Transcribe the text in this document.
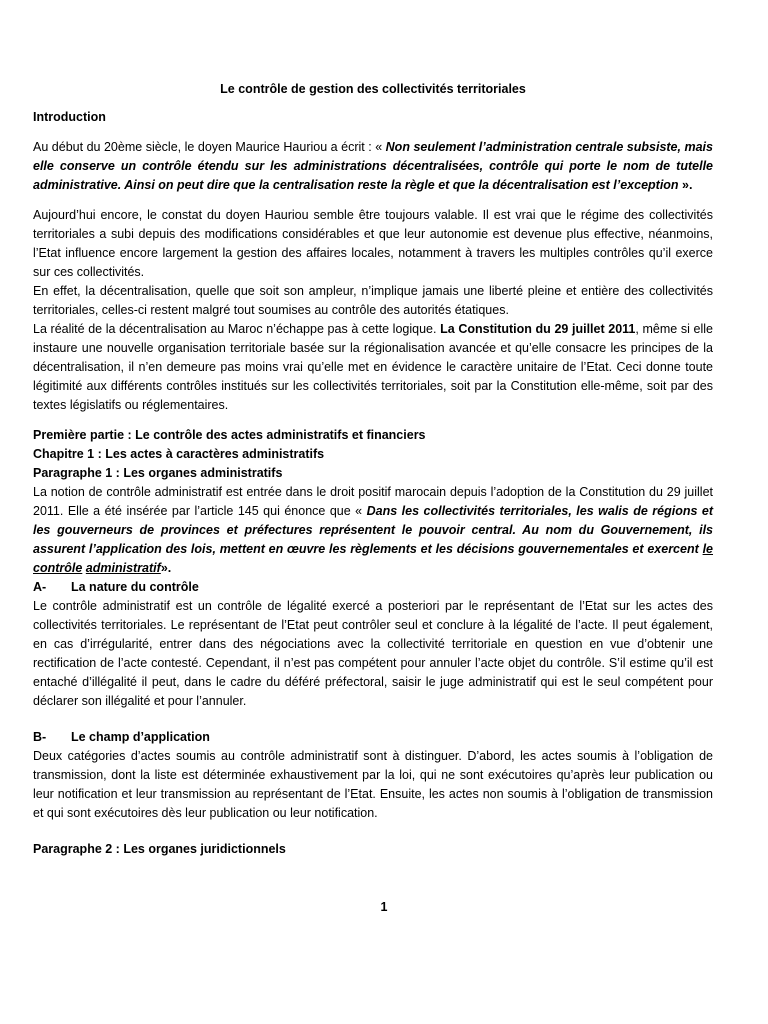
Le contrôle de gestion des collectivités territoriales
Introduction

Au début du 20ème siècle, le doyen Maurice Hauriou a écrit : « Non seulement l’administration centrale subsiste, mais elle conserve un contrôle étendu sur les administrations décentralisées, contrôle qui porte le nom de tutelle administrative. Ainsi on peut dire que la centralisation reste la règle et que la décentralisation est l’exception ».

Aujourd’hui encore, le constat du doyen Hauriou semble être toujours valable. Il est vrai que le régime des collectivités territoriales a subi depuis des modifications considérables et que leur autonomie est devenue plus effective, néanmoins, l’Etat influence encore largement la gestion des affaires locales, notamment à travers les multiples contrôles qu’il exerce sur ces collectivités.
En effet, la décentralisation, quelle que soit son ampleur, n’implique jamais une liberté pleine et entière des collectivités territoriales, celles-ci restent malgré tout soumises au contrôle des autorités étatiques.
La réalité de la décentralisation au Maroc n’échappe pas à cette logique. La Constitution du 29 juillet 2011, même si elle instaure une nouvelle organisation territoriale basée sur la régionalisation avancée et qu’elle consacre les principes de la décentralisation, il n’en demeure pas moins vrai qu’elle met en évidence le caractère unitaire de l’Etat. Ceci donne toute légitimité aux différents contrôles institués sur les collectivités territoriales, soit par la Constitution elle-même, soit par des textes législatifs ou réglementaires.

Première partie : Le contrôle des actes administratifs et financiers
Chapitre 1 : Les actes à caractères administratifs
Paragraphe 1 : Les organes administratifs

La notion de contrôle administratif est entrée dans le droit positif marocain depuis l’adoption de la Constitution du 29 juillet 2011. Elle a été insérée par l’article 145 qui énonce que « Dans les collectivités territoriales, les walis de régions et les gouverneurs de provinces et préfectures représentent le pouvoir central. Au nom du Gouvernement, ils assurent l’application des lois, mettent en œuvre les règlements et les décisions gouvernementales et exercent le contrôle administratif».

A-	La nature du contrôle

Le contrôle administratif est un contrôle de légalité exercé a posteriori par le représentant de l’Etat sur les actes des collectivités territoriales. Le représentant de l’Etat peut contrôler seul et conclure à la légalité de l’acte. Il peut également, en cas d’irrégularité, entrer dans des négociations avec la collectivité territoriale en question en vue d’obtenir une rectification de l’acte contesté. Cependant, il n’est pas compétent pour annuler l’acte objet du contrôle. S’il estime qu’il est entaché d’illégalité il peut, dans le cadre du déféré préfectoral, saisir le juge administratif qui est le seul compétent pour déclarer son illégalité et pour l’annuler.

B-	Le champ d’application

Deux catégories d’actes soumis au contrôle administratif sont à distinguer. D’abord, les actes soumis à l’obligation de transmission, dont la liste est déterminée exhaustivement par la loi, qui ne sont exécutoires qu’après leur publication ou leur notification et leur transmission au représentant de l’Etat. Ensuite, les actes non soumis à l’obligation de transmission et qui sont exécutoires dès leur publication ou leur notification.

Paragraphe 2 : Les organes juridictionnels
1
